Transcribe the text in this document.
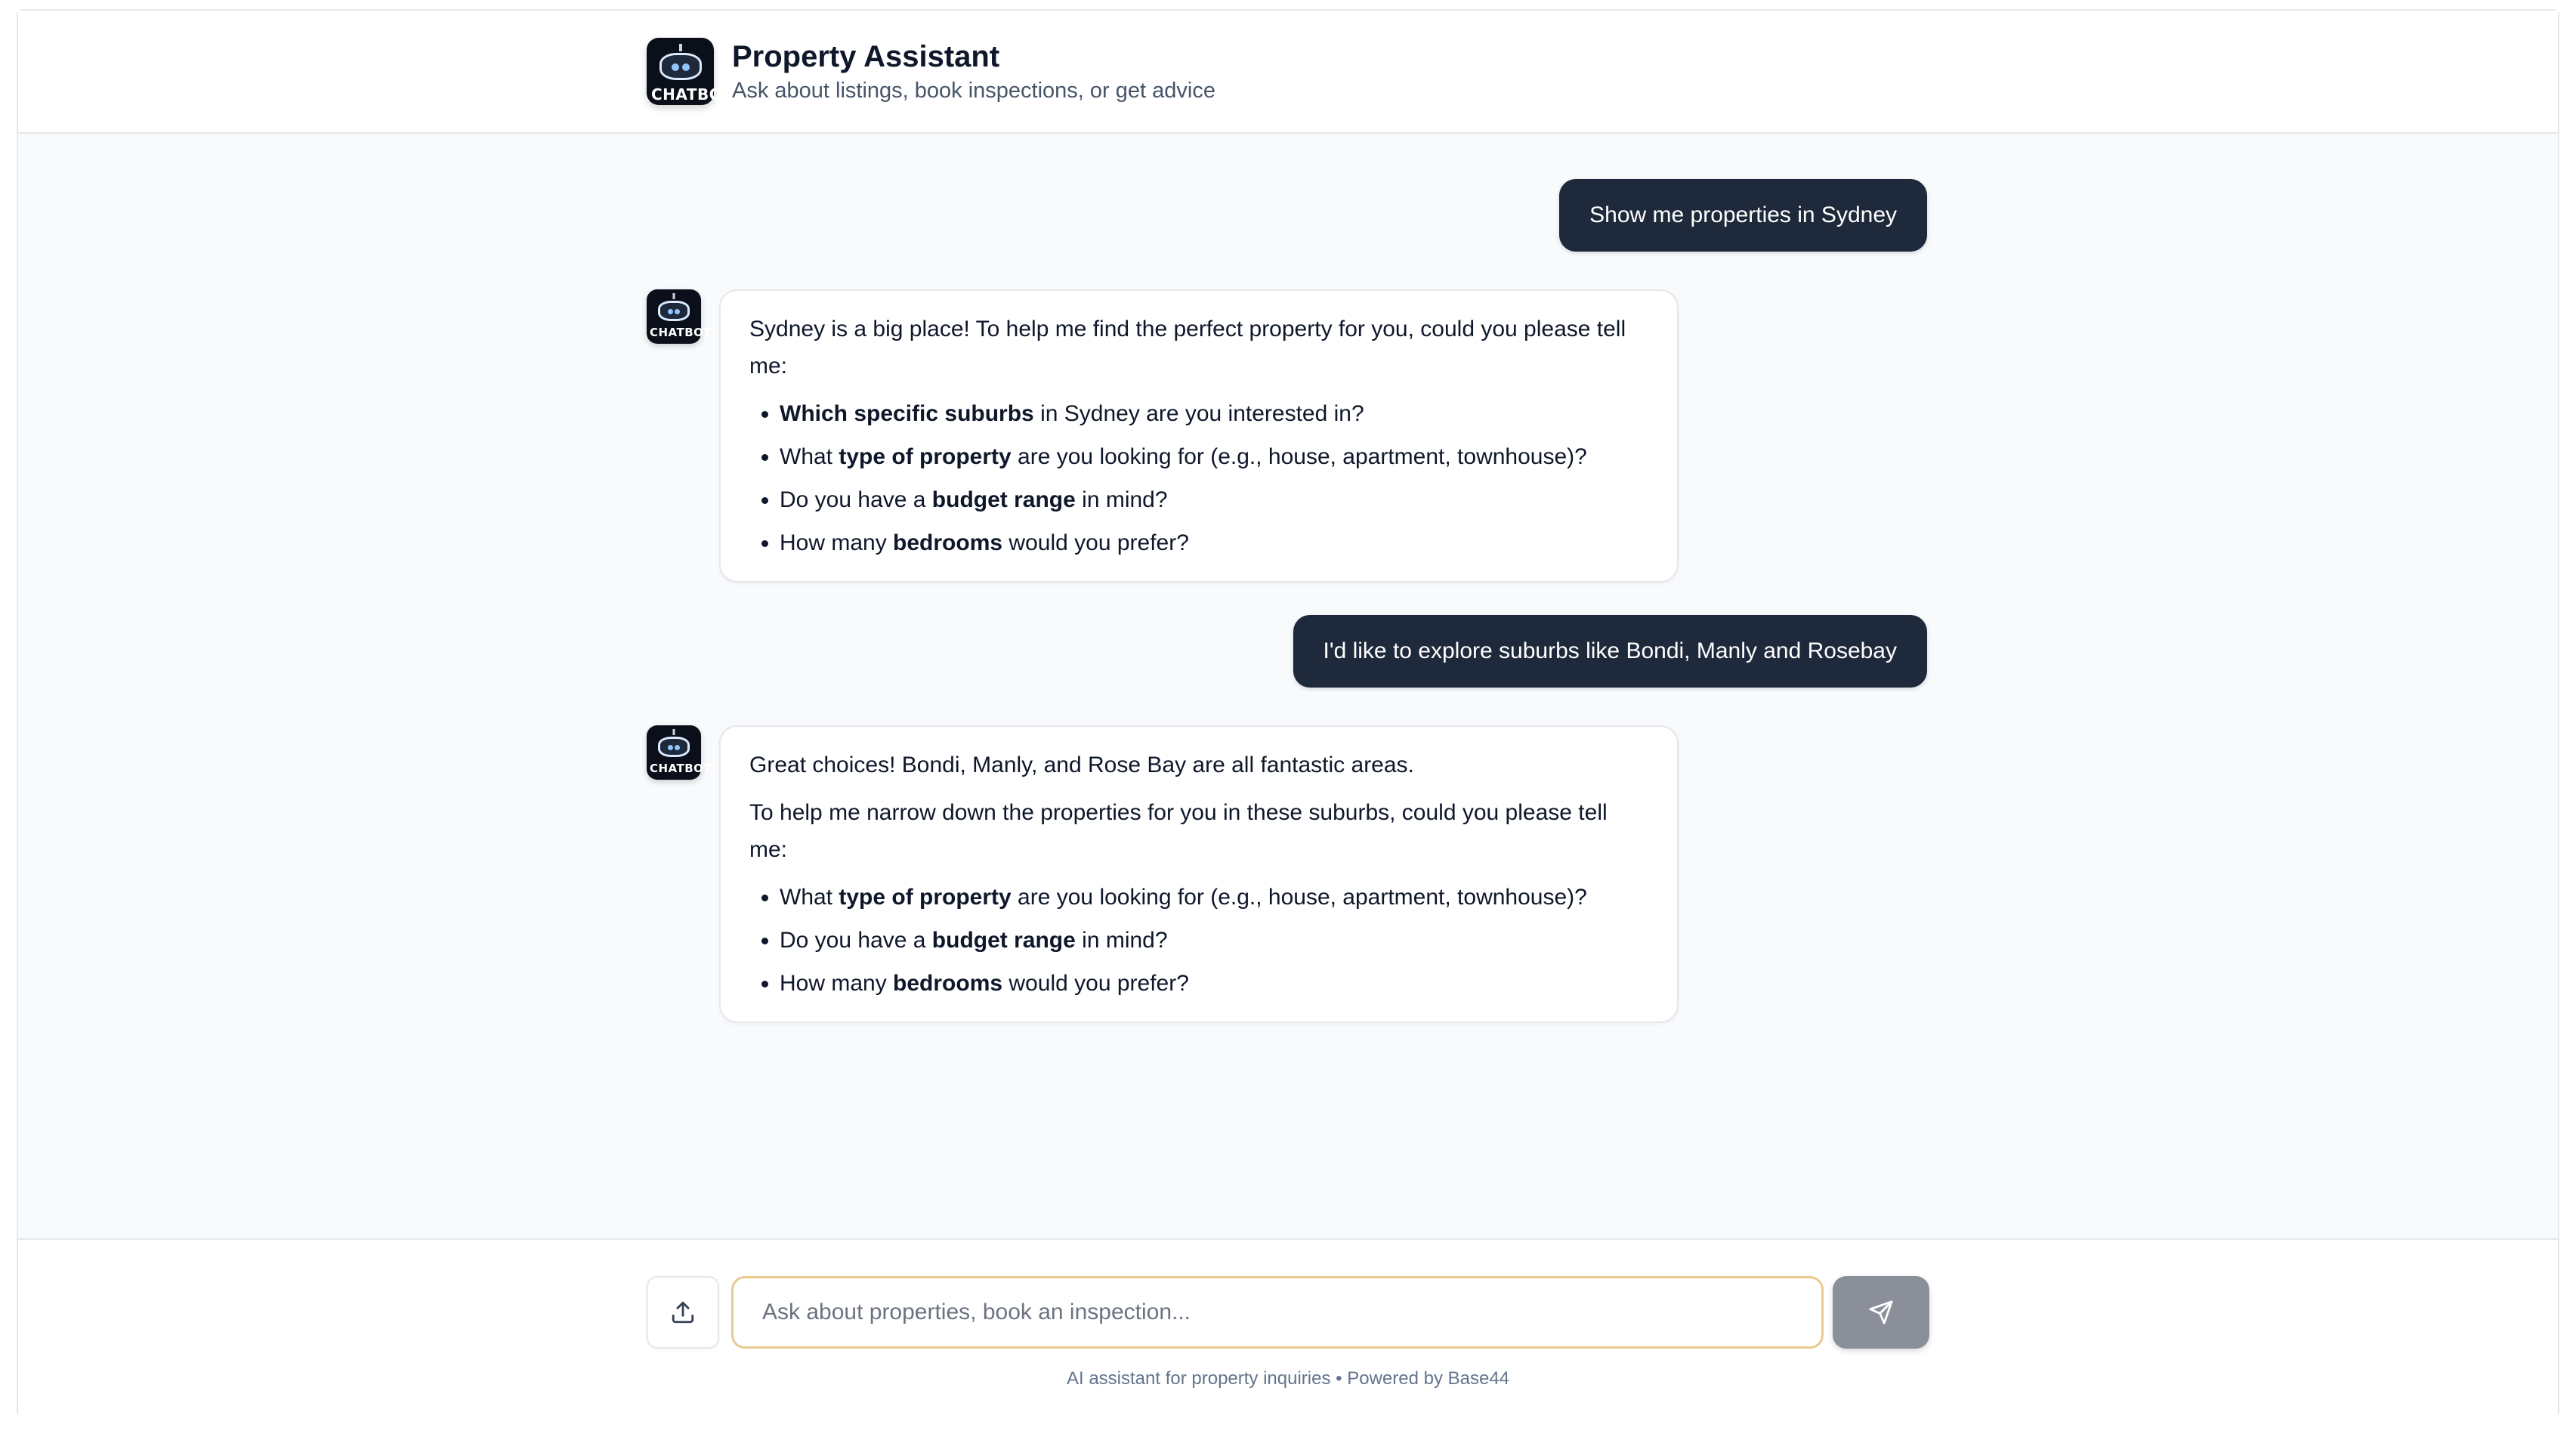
CHATBOT
Property Assistant
Ask about listings, book inspections, or get advice
Show me properties in Sydney
CHATBOT	Sydney is a big place! To help me find the perfect property for you, could you please tell me:

• Which specific suburbs in Sydney are you interested in?
• What type of property are you looking for (e.g., house, apartment, townhouse)?
• Do you have a budget range in mind?
• How many bedrooms would you prefer?
I'd like to explore suburbs like Bondi, Manly and Rosebay
CHATBOT	Great choices! Bondi, Manly, and Rose Bay are all fantastic areas.

To help me narrow down the properties for you in these suburbs, could you please tell me:

• What type of property are you looking for (e.g., house, apartment, townhouse)?
• Do you have a budget range in mind?
• How many bedrooms would you prefer?
Ask about properties, book an inspection...
AI assistant for property inquiries • Powered by Base44
